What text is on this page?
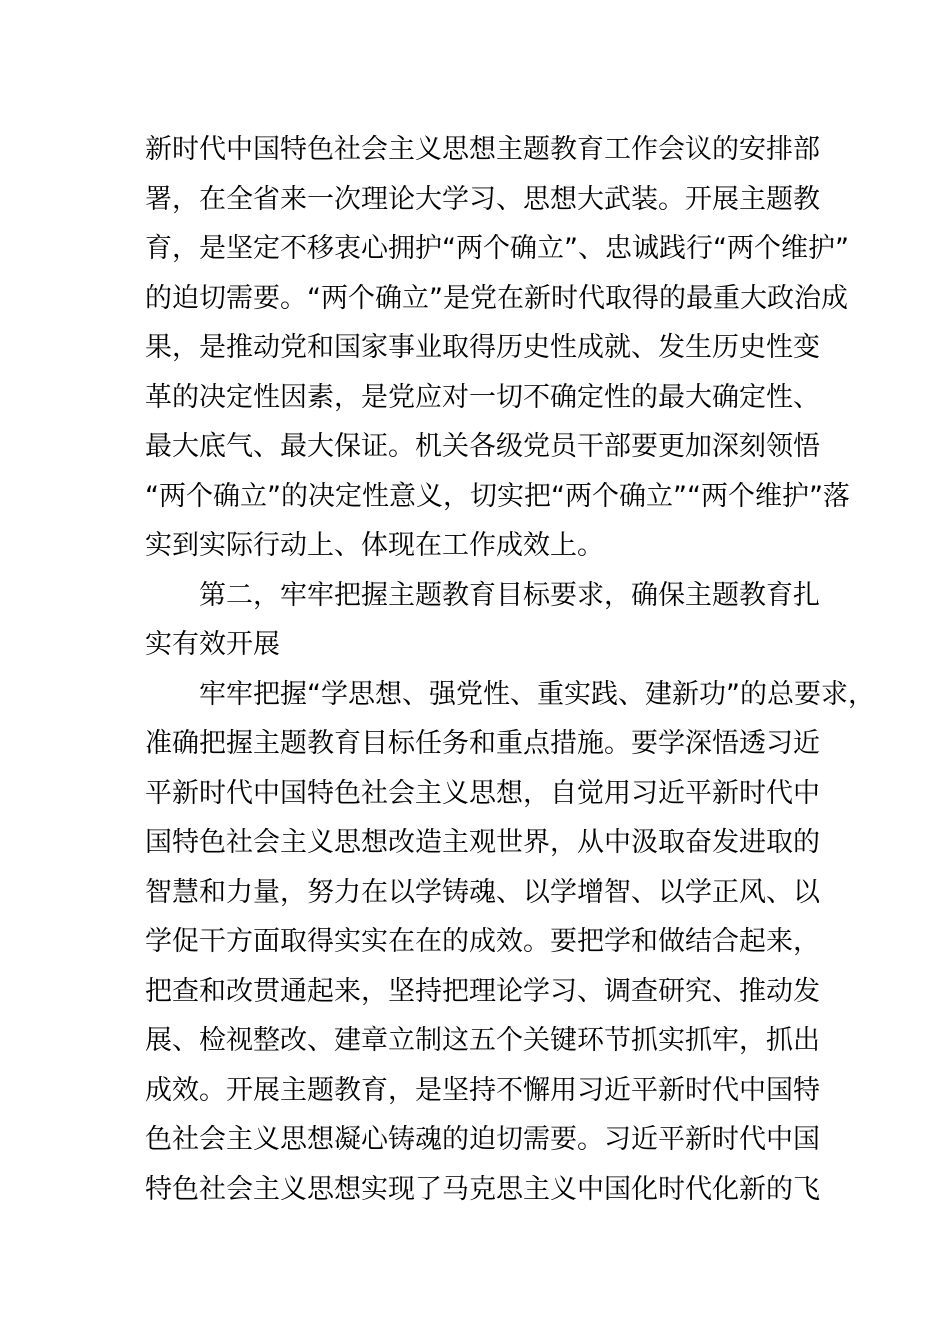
新时代中国特色社会主义思想主题教育工作会议的安排部
署，在全省来一次理论大学习、思想大武装。开展主题教
育，是坚定不移衷心拥护“两个确立”、忠诚践行“两个维护”
的迫切需要。“两个确立”是党在新时代取得的最重大政治成
果，是推动党和国家事业取得历史性成就、发生历史性变
革的决定性因素，是党应对一切不确定性的最大确定性、
最大底气、最大保证。机关各级党员干部要更加深刻领悟
“两个确立”的决定性意义，切实把“两个确立”“两个维护”落
实到实际行动上、体现在工作成效上。
第二，牢牢把握主题教育目标要求，确保主题教育扎
实有效开展
牢牢把握“学思想、强党性、重实践、建新功”的总要求，
准确把握主题教育目标任务和重点措施。要学深悟透习近
平新时代中国特色社会主义思想，自觉用习近平新时代中
国特色社会主义思想改造主观世界，从中汲取奋发进取的
智慧和力量，努力在以学铸魂、以学增智、以学正风、以
学促干方面取得实实在在的成效。要把学和做结合起来，
把查和改贯通起来，坚持把理论学习、调查研究、推动发
展、检视整改、建章立制这五个关键环节抓实抓牢，抓出
成效。开展主题教育，是坚持不懈用习近平新时代中国特
色社会主义思想凝心铸魂的迫切需要。习近平新时代中国
特色社会主义思想实现了马克思主义中国化时代化新的飞
